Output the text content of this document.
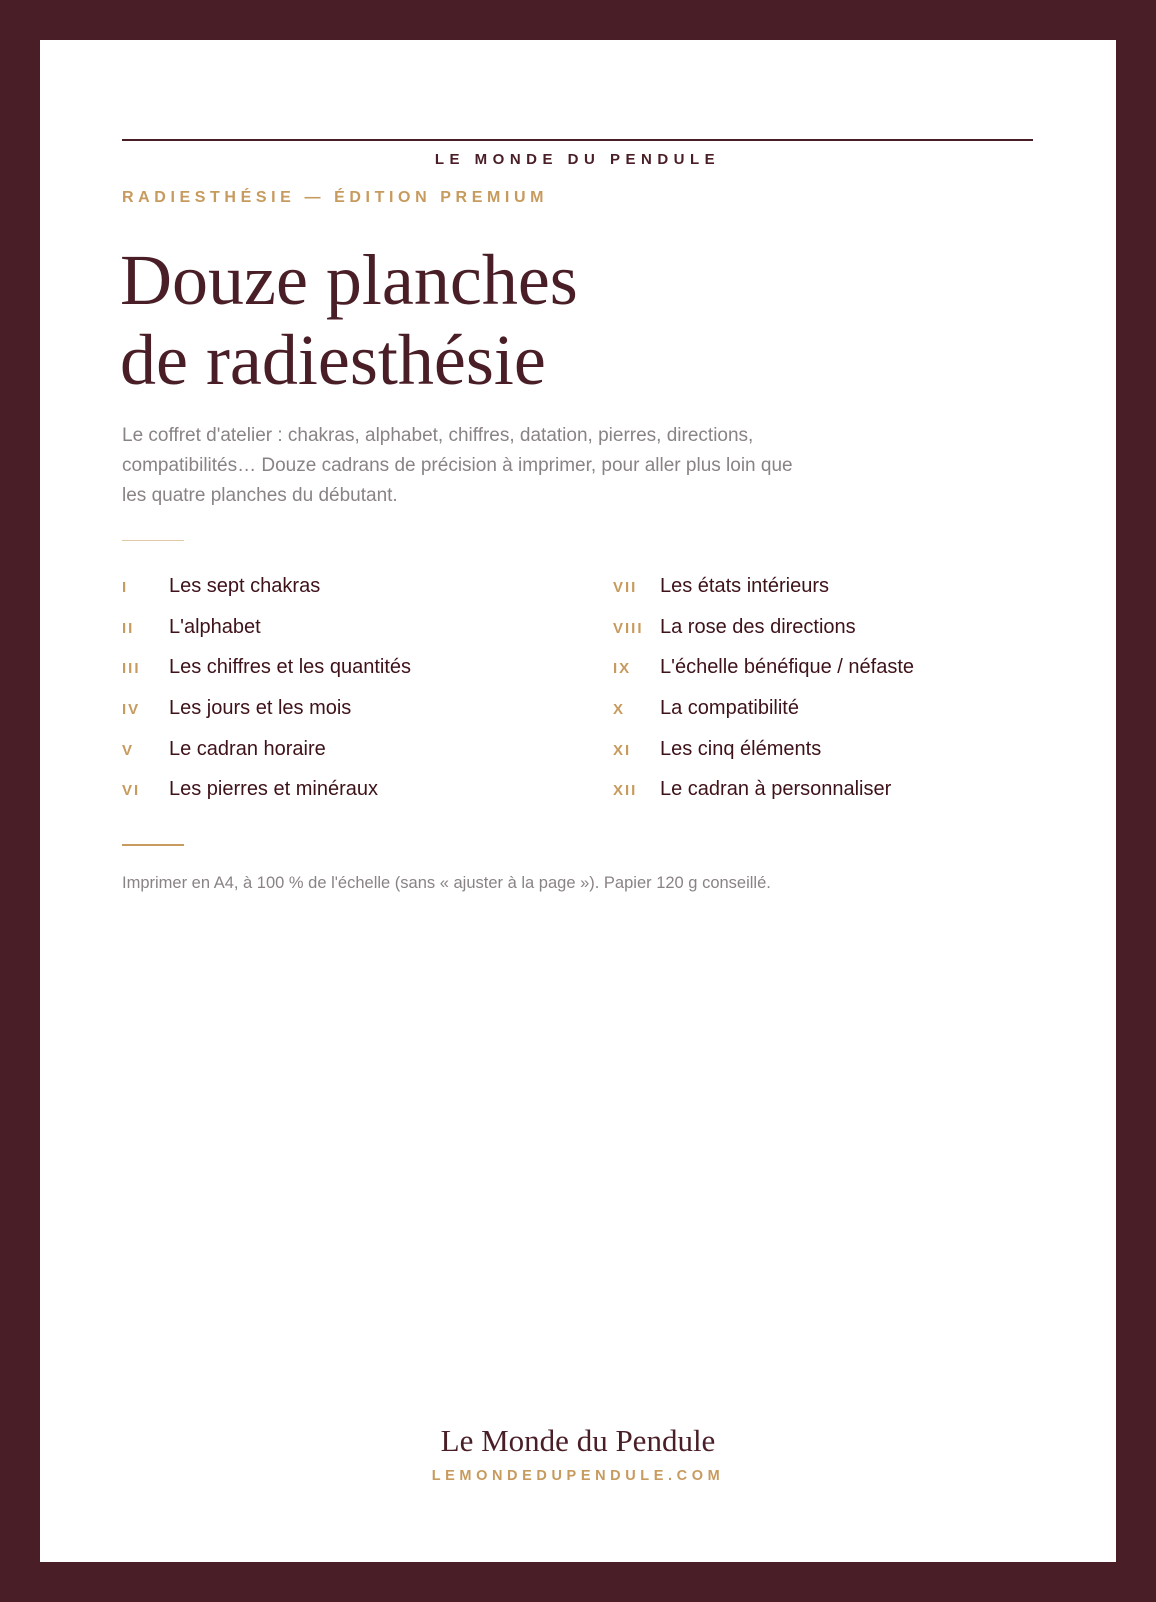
LE MONDE DU PENDULE
RADIESTHÉSIE — ÉDITION PREMIUM
Douze planches
de radiesthésie
Le coffret d'atelier : chakras, alphabet, chiffres, datation, pierres, directions, compatibilités… Douze cadrans de précision à imprimer, pour aller plus loin que les quatre planches du débutant.
I	Les sept chakras
II	L'alphabet
III	Les chiffres et les quantités
IV	Les jours et les mois
V	Le cadran horaire
VI	Les pierres et minéraux
VII	Les états intérieurs
VIII La rose des directions
IX	L'échelle bénéfique / néfaste
X	La compatibilité
XI	Les cinq éléments
XII	Le cadran à personnaliser
Imprimer en A4, à 100 % de l'échelle (sans « ajuster à la page »). Papier 120 g conseillé.
Le Monde du Pendule
LEMONDEDUPENDULE.COM
